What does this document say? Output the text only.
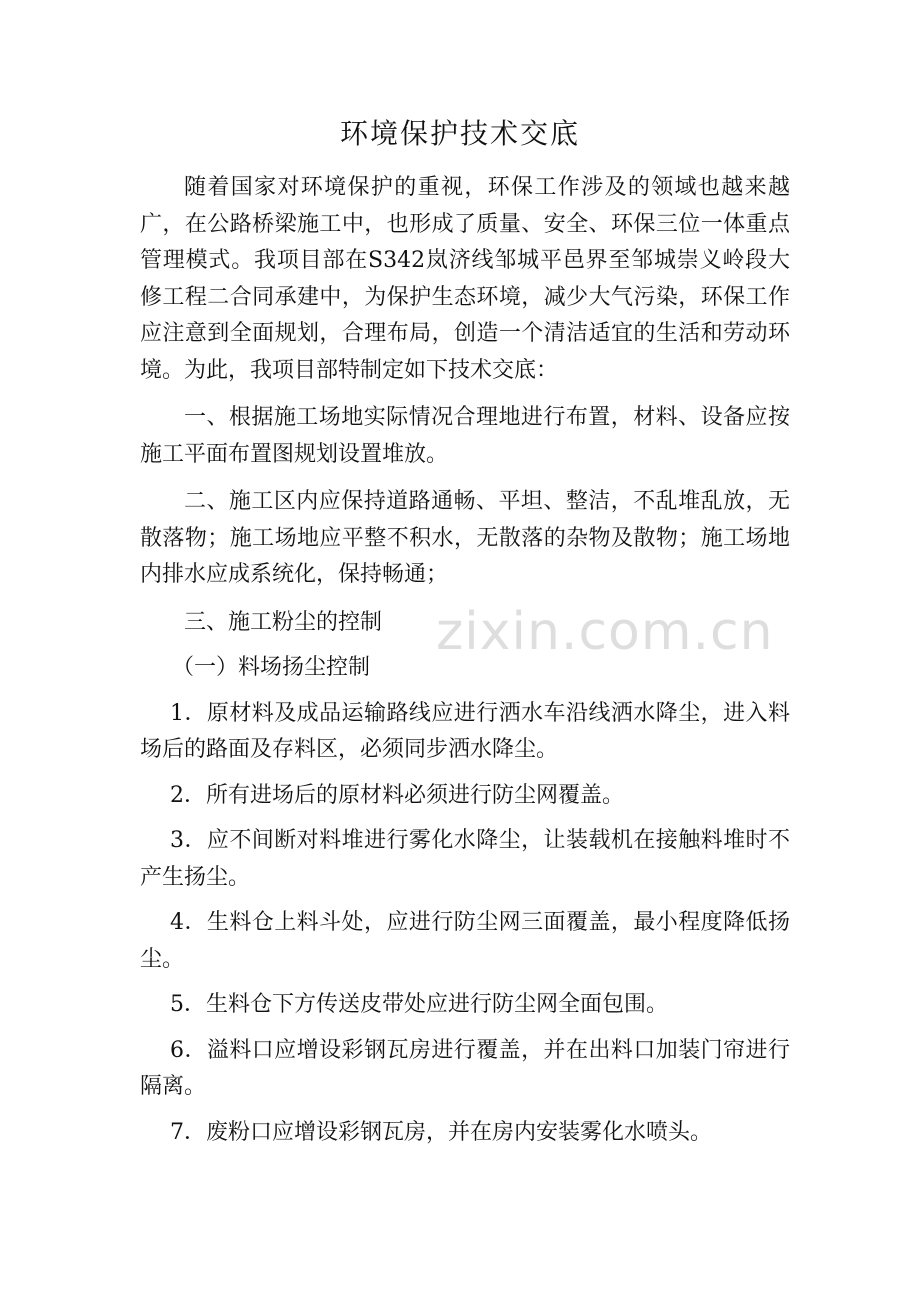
环境保护技术交底

随着国家对环境保护的重视，环保工作涉及的领域也越来越广，在公路桥梁施工中，也形成了质量、安全、环保三位一体重点管理模式。我项目部在S342岚济线邹城平邑界至邹城崇义岭段大修工程二合同承建中，为保护生态环境，减少大气污染，环保工作应注意到全面规划，合理布局，创造一个清洁适宜的生活和劳动环境。为此，我项目部特制定如下技术交底：

一、根据施工场地实际情况合理地进行布置，材料、设备应按施工平面布置图规划设置堆放。

二、施工区内应保持道路通畅、平坦、整洁，不乱堆乱放，无散落物；施工场地应平整不积水，无散落的杂物及散物；施工场地内排水应成系统化，保持畅通；

三、施工粉尘的控制

（一）料场扬尘控制

1．原材料及成品运输路线应进行洒水车沿线洒水降尘，进入料场后的路面及存料区，必须同步洒水降尘。

2．所有进场后的原材料必须进行防尘网覆盖。

3．应不间断对料堆进行雾化水降尘，让装载机在接触料堆时不产生扬尘。

4．生料仓上料斗处，应进行防尘网三面覆盖，最小程度降低扬尘。

5．生料仓下方传送皮带处应进行防尘网全面包围。

6．溢料口应增设彩钢瓦房进行覆盖，并在出料口加装门帘进行隔离。

7．废粉口应增设彩钢瓦房，并在房内安装雾化水喷头。

zixin.com.cn
